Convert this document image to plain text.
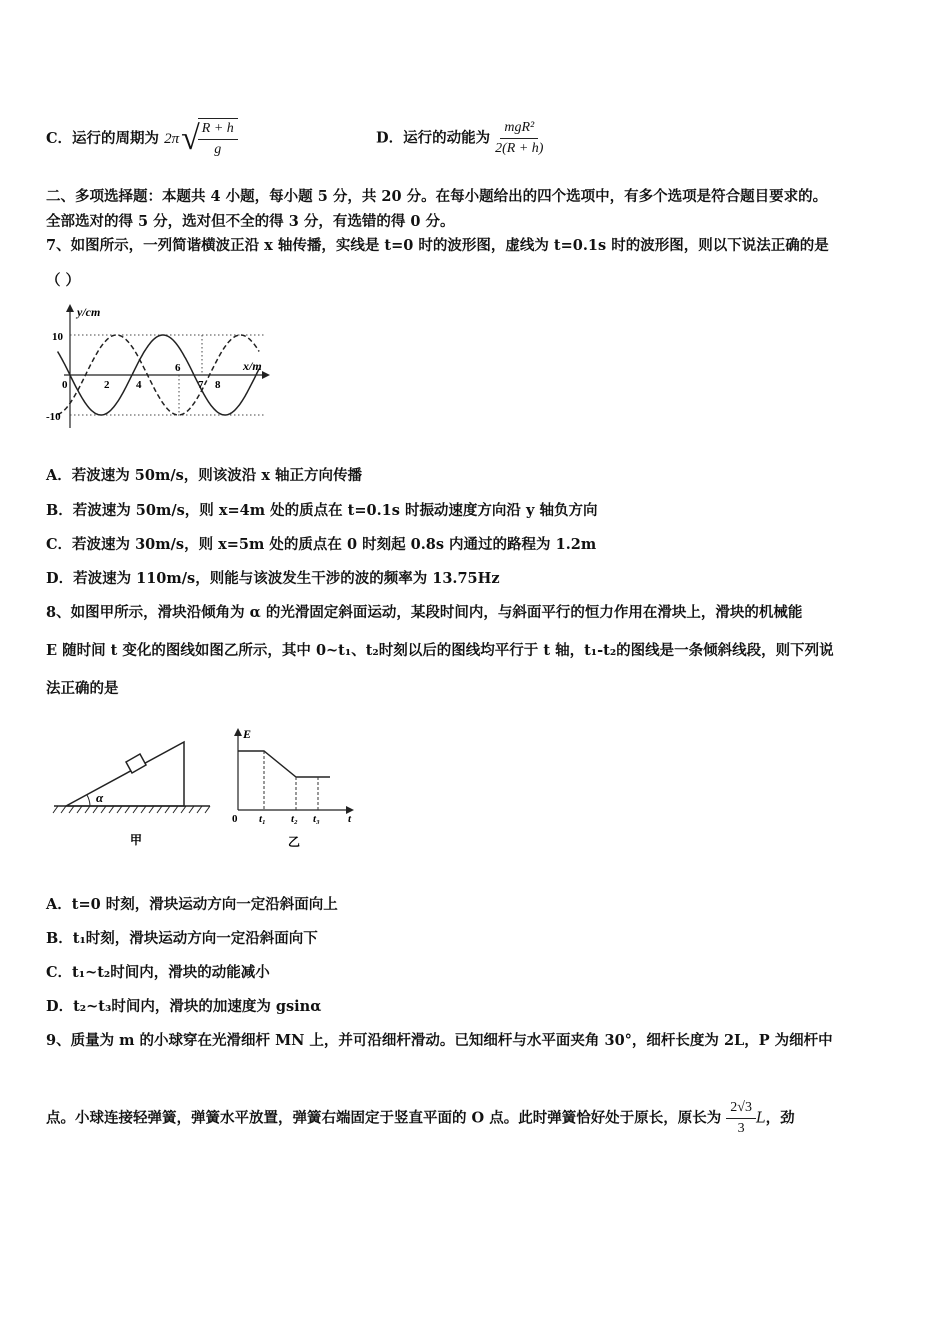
C．运行的周期为 2π √
$\frac{R + h}{g}$	D．运行的动能为 $\frac{\text{mgR²}}{2(R + h)}$
二、多项选择题：本题共 4 小题，每小题 5 分，共 20 分。在每小题给出的四个选项中，有多个选项是符合题目要求的。
全部选对的得 5 分，选对但不全的得 3 分，有选错的得 0 分。
7、如图所示，一列简谐横波正沿 x 轴传播，实线是 t=0 时的波形图，虚线为 t=0.1s 时的波形图，则以下说法正确的是
（ ）
y/cm
x/m
10
-10
0	2 4
6
7 8
A．若波速为 50m/s，则该波沿 x 轴正方向传播
B．若波速为 50m/s，则 x=4m 处的质点在 t=0.1s 时振动速度方向沿 y 轴负方向
C．若波速为 30m/s，则 x=5m 处的质点在 0 时刻起 0.8s 内通过的路程为 1.2m
D．若波速为 110m/s，则能与该波发生干涉的波的频率为 13.75Hz
8、如图甲所示，滑块沿倾角为 α 的光滑固定斜面运动，某段时间内，与斜面平行的恒力作用在滑块上，滑块的机械能
E 随时间 t 变化的图线如图乙所示，其中 0~t₁、t₂时刻以后的图线均平行于 t 轴，t₁-t₂的图线是一条倾斜线段，则下列说
法正确的是
α
甲
E
0 t₁ t₂ t₃	t
乙
A．t=0 时刻，滑块运动方向一定沿斜面向上
B．t₁时刻，滑块运动方向一定沿斜面向下
C．t₁~t₂时间内，滑块的动能减小
D．t₂~t₃时间内，滑块的加速度为 gsinα
9、质量为 m 的小球穿在光滑细杆 MN 上，并可沿细杆滑动。已知细杆与水平面夹角 30°，细杆长度为 2L，P 为细杆中
点。小球连接轻弹簧，弹簧水平放置，弹簧右端固定于竖直平面的 O 点。此时弹簧恰好处于原长，原长为 $\frac{2√3}{3}$ L，劲
